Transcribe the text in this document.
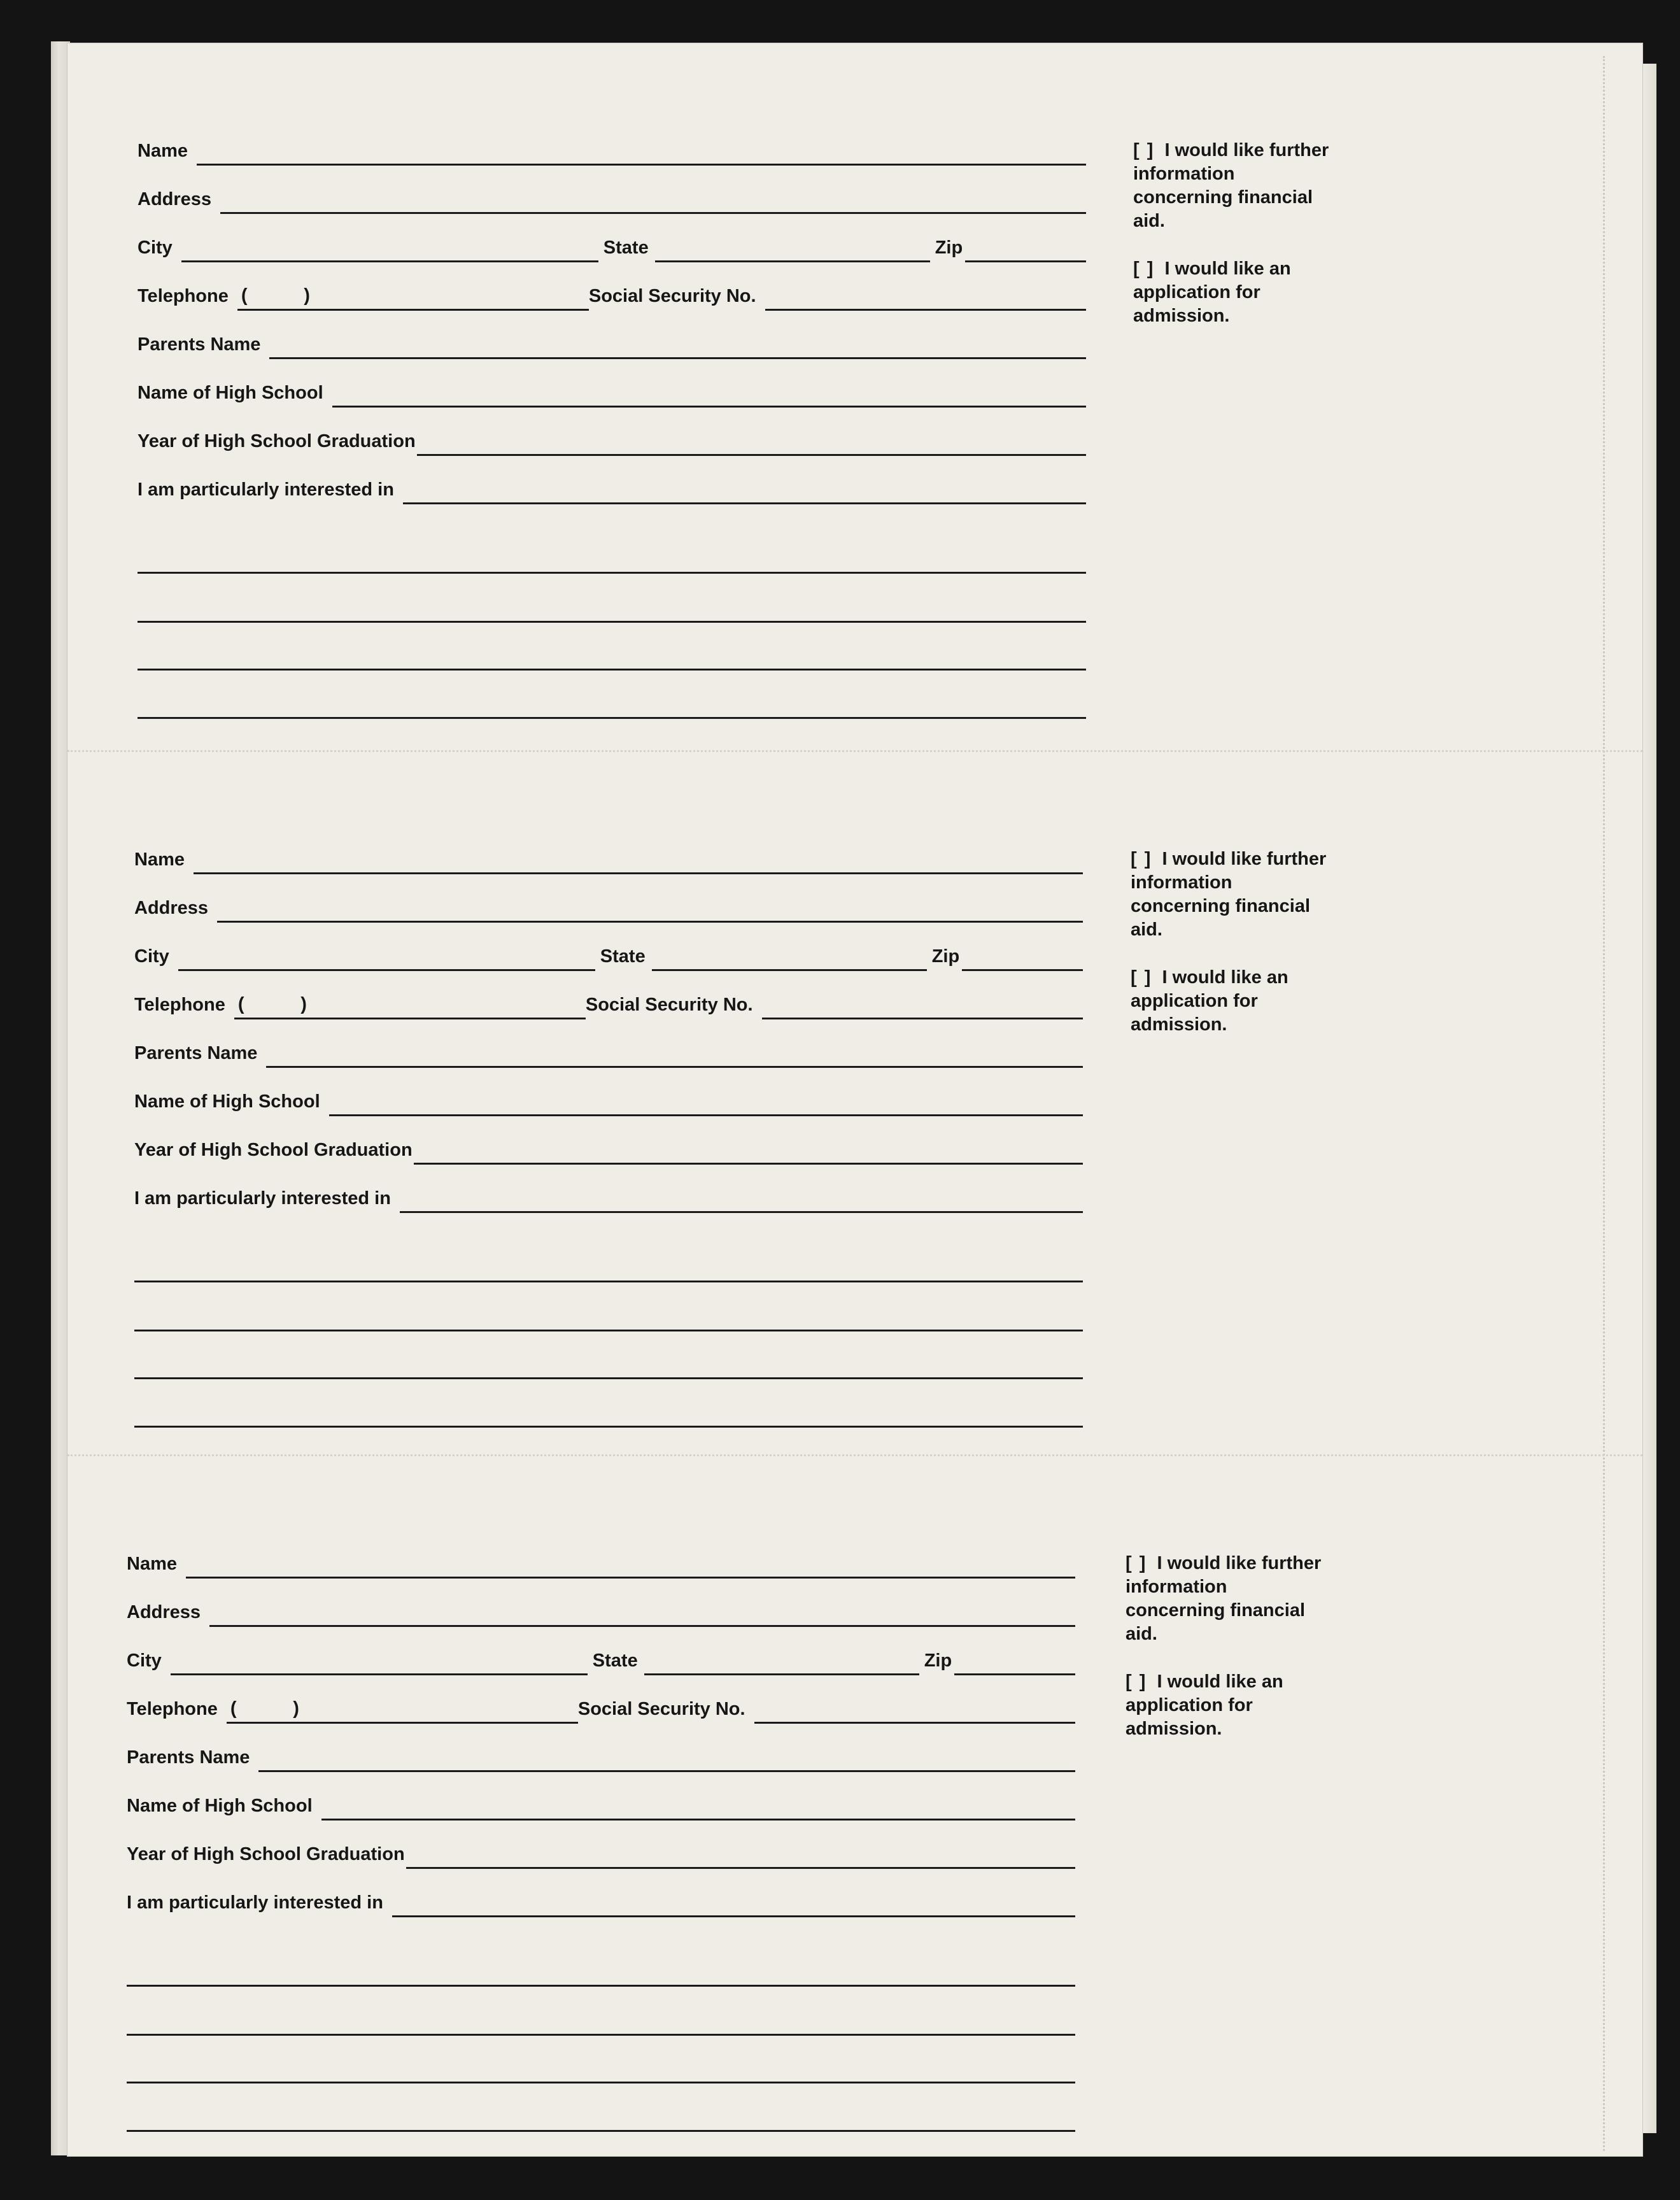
Name
Address
City	State	Zip
Telephone (	)	Social Security No.
Parents Name
Name of High School
Year of High School Graduation
I am particularly interested in

[ ] I would like further information concerning financial aid.

[ ] I would like an application for admission.

Name
Address
City	State	Zip
Telephone (	)	Social Security No.
Parents Name
Name of High School
Year of High School Graduation
I am particularly interested in

[ ] I would like further information concerning financial aid.

[ ] I would like an application for admission.

Name
Address
City	State	Zip
Telephone (	)	Social Security No.
Parents Name
Name of High School
Year of High School Graduation
I am particularly interested in

[ ] I would like further information concerning financial aid.

[ ] I would like an application for admission.
